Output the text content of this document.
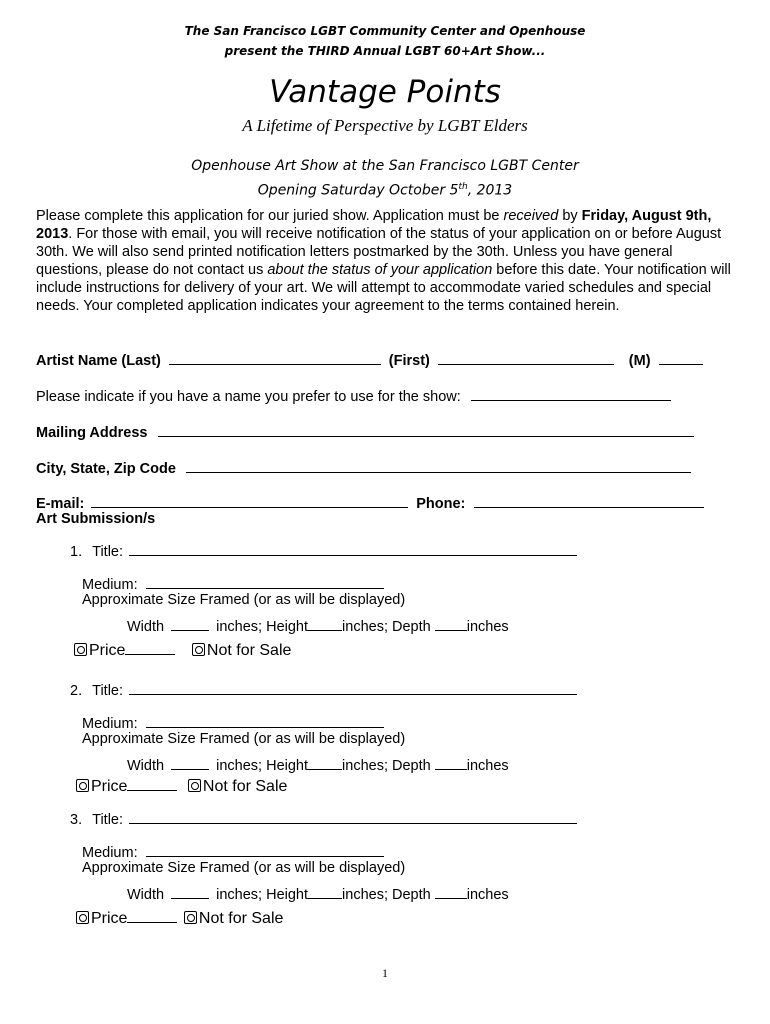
The San Francisco LGBT Community Center and Openhouse
present the THIRD Annual LGBT 60+Art Show...
Vantage Points
A Lifetime of Perspective by LGBT Elders
Openhouse Art Show at the San Francisco LGBT Center
Opening Saturday October 5th, 2013
Please complete this application for our juried show. Application must be received by Friday, August 9th, 2013. For those with email, you will receive notification of the status of your application on or before August 30th. We will also send printed notification letters postmarked by the 30th. Unless you have general questions, please do not contact us about the status of your application before this date. Your notification will include instructions for delivery of your art. We will attempt to accommodate varied schedules and special needs. Your completed application indicates your agreement to the terms contained herein.
Artist Name (Last)	(First)	(M)
Please indicate if you have a name you prefer to use for the show:
Mailing Address
City, State, Zip Code
E-mail:	Phone:
Art Submission/s
1. Title:
Medium:
Approximate Size Framed (or as will be displayed)
Width	inches; Height inches; Depth inches
Price	Not for Sale
2. Title:
Medium:
Approximate Size Framed (or as will be displayed)
Width	inches; Height inches; Depth inches
Price	Not for Sale
3. Title:
Medium:
Approximate Size Framed (or as will be displayed)
Width	inches; Height inches; Depth inches
Price	Not for Sale
1
